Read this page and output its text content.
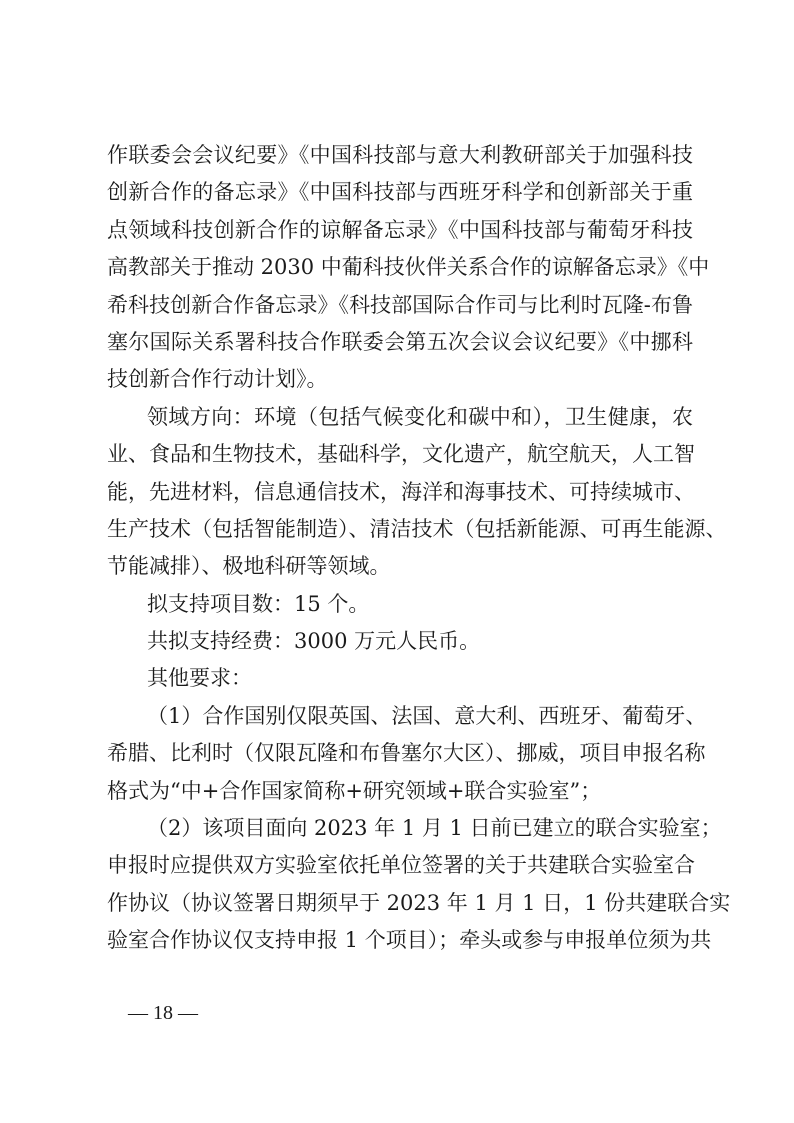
作联委会会议纪要》《中国科技部与意大利教研部关于加强科技
创新合作的备忘录》《中国科技部与西班牙科学和创新部关于重
点领域科技创新合作的谅解备忘录》《中国科技部与葡萄牙科技
高教部关于推动 2030 中葡科技伙伴关系合作的谅解备忘录》《中
希科技创新合作备忘录》《科技部国际合作司与比利时瓦隆-布鲁
塞尔国际关系署科技合作联委会第五次会议会议纪要》《中挪科
技创新合作行动计划》。
领域方向：环境（包括气候变化和碳中和），卫生健康，农
业、食品和生物技术，基础科学，文化遗产，航空航天，人工智
能，先进材料，信息通信技术，海洋和海事技术、可持续城市、
生产技术（包括智能制造）、清洁技术（包括新能源、可再生能源、
节能减排）、极地科研等领域。
拟支持项目数：15 个。
共拟支持经费：3000 万元人民币。
其他要求：
（1）合作国别仅限英国、法国、意大利、西班牙、葡萄牙、
希腊、比利时（仅限瓦隆和布鲁塞尔大区）、挪威，项目申报名称
格式为“中+合作国家简称+研究领域+联合实验室”；
（2）该项目面向 2023 年 1 月 1 日前已建立的联合实验室；
申报时应提供双方实验室依托单位签署的关于共建联合实验室合
作协议（协议签署日期须早于 2023 年 1 月 1 日，1 份共建联合实
验室合作协议仅支持申报 1 个项目）；牵头或参与申报单位须为共
— 18 —
